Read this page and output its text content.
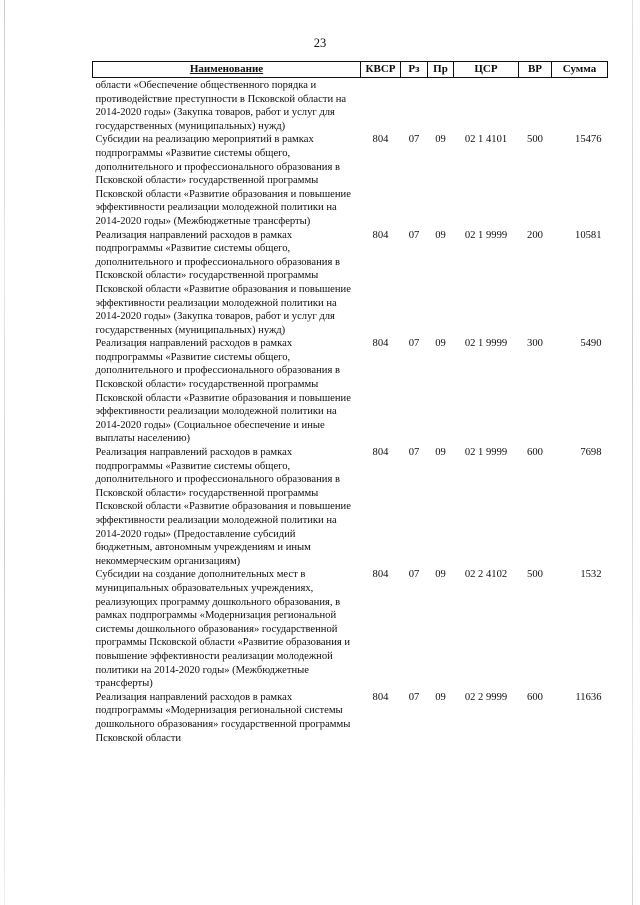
23
Наименование	КВСР	Рз	Пр	ЦСР	ВР	Сумма
области «Обеспечение общественного порядка и противодействие преступности в Псковской области на 2014-2020 годы» (Закупка товаров, работ и услуг для государственных (муниципальных) нужд)						
Субсидии на реализацию мероприятий в рамках подпрограммы «Развитие системы общего, дополнительного и профессионального образования в Псковской области» государственной программы Псковской области «Развитие образования и повышение эффективности реализации молодежной политики на 2014-2020 годы» (Межбюджетные трансферты)	804	07	09	02 1 4101	500	15476
Реализация направлений расходов в рамках подпрограммы «Развитие системы общего, дополнительного и профессионального образования в Псковской области» государственной программы Псковской области «Развитие образования и повышение эффективности реализации молодежной политики на 2014-2020 годы» (Закупка товаров, работ и услуг для государственных (муниципальных) нужд)	804	07	09	02 1 9999	200	10581
Реализация направлений расходов в рамках подпрограммы «Развитие системы общего, дополнительного и профессионального образования в Псковской области» государственной программы Псковской области «Развитие образования и повышение эффективности реализации молодежной политики на 2014-2020 годы» (Социальное обеспечение и иные выплаты населению)	804	07	09	02 1 9999	300	5490
Реализация направлений расходов в рамках подпрограммы «Развитие системы общего, дополнительного и профессионального образования в Псковской области» государственной программы Псковской области «Развитие образования и повышение эффективности реализации молодежной политики на 2014-2020 годы» (Предоставление субсидий бюджетным, автономным учреждениям и иным некоммерческим организациям)	804	07	09	02 1 9999	600	7698
Субсидии на создание дополнительных мест в муниципальных образовательных учреждениях, реализующих программу дошкольного образования, в рамках подпрограммы «Модернизация региональной системы дошкольного образования» государственной программы Псковской области «Развитие образования и повышение эффективности реализации молодежной политики на 2014-2020 годы» (Межбюджетные трансферты)	804	07	09	02 2 4102	500	1532
Реализация направлений расходов в рамках подпрограммы «Модернизация региональной системы дошкольного образования» государственной программы Псковской области	804	07	09	02 2 9999	600	11636
